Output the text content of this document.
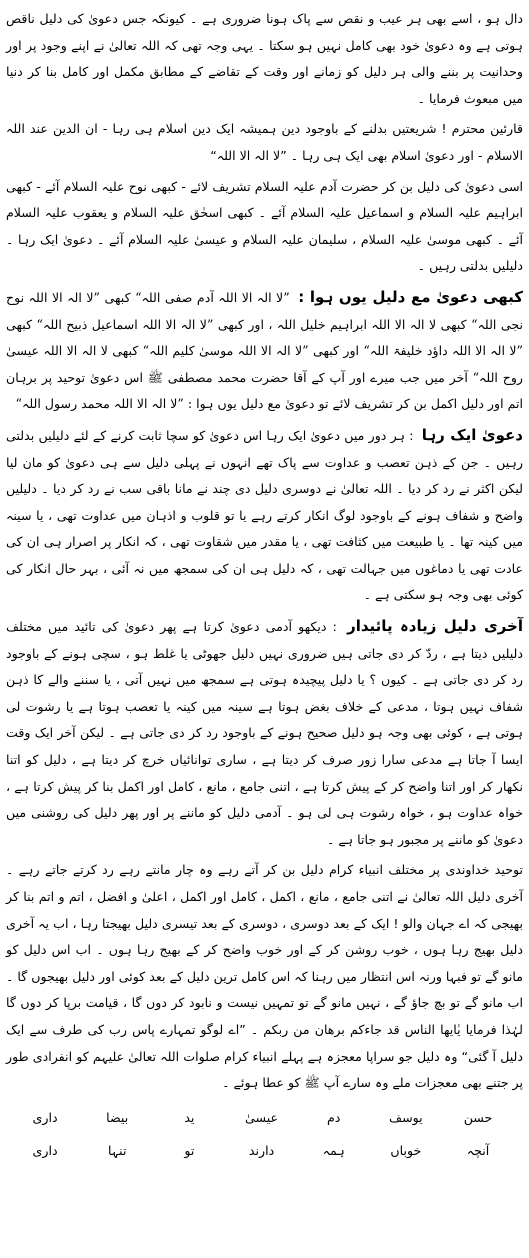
دال ہو ، اسے بھی ہر عیب و نقص سے پاک ہونا ضروری ہے ۔ کیونکہ جس دعویٰ کی دلیل ناقص ہوتی ہے وہ دعویٰ خود بھی کامل نہیں ہو سکتا ۔ یہی وجہ تھی کہ اللہ تعالیٰ نے اپنے وجود پر اور وحدانیت پر بننے والی ہر دلیل کو زمانے اور وقت کے تقاضے کے مطابق مکمل اور کامل بنا کر دنیا میں مبعوث فرمایا ۔

قارئین محترم ! شریعتیں بدلنے کے باوجود دین ہمیشہ ایک دین اسلام ہی رہا - ان الدین عند اللہ الاسلام - اور دعویٰ اسلام بھی ایک ہی رہا ۔ ”لا الہ الا اللہ“

اسی دعویٰ کی دلیل بن کر حضرت آدم علیہ السلام تشریف لائے - کبھی نوح علیہ السلام آئے - کبھی ابراہیم علیہ السلام و اسماعیل علیہ السلام آئے ۔ کبھی اسحٰق علیہ السلام و یعقوب علیہ السلام آئے ۔ کبھی موسیٰ علیہ السلام ، سلیمان علیہ السلام و عیسیٰ علیہ السلام آئے ۔ دعویٰ ایک رہا ۔ دلیلیں بدلتی رہیں ۔

کبھی دعویٰ مع دلیل یوں ہوا : ”لا الہ الا اللہ آدم صفی اللہ“ کبھی ”لا الہ الا اللہ نوح نجی اللہ“ کبھی لا الہ الا اللہ ابراہیم خلیل اللہ ، اور کبھی ”لا الہ الا اللہ اسماعیل ذبیح اللہ“ کبھی ”لا الہ الا اللہ داؤد خلیفۃ اللہ“ اور کبھی ”لا الہ الا اللہ موسیٰ کلیم اللہ“ کبھی لا الہ الا اللہ عیسیٰ روح اللہ“ آخر میں جب میرے اور آپ کے آقا حضرت محمد مصطفی ﷺ اس دعویٰ توحید پر برہان اتم اور دلیل اکمل بن کر تشریف لائے تو دعویٰ مع دلیل یوں ہوا : ”لا الہ الا اللہ محمد رسول اللہ“

دعویٰ ایک رہا : ہر دور میں دعویٰ ایک رہا اس دعویٰ کو سچا ثابت کرنے کے لئے دلیلیں بدلتی رہیں ۔ جن کے ذہن تعصب و عداوت سے پاک تھے انہوں نے پہلی دلیل سے ہی دعویٰ کو مان لیا لیکن اکثر نے رد کر دیا ۔ اللہ تعالیٰ نے دوسری دلیل دی چند نے مانا باقی سب نے رد کر دیا ۔ دلیلیں واضح و شفاف ہونے کے باوجود لوگ انکار کرتے رہے یا تو قلوب و اذہان میں عداوت تھی ، یا سینہ میں کینہ تھا ۔ یا طبیعت میں کثافت تھی ، یا مقدر میں شقاوت تھی ، کہ انکار پر اصرار ہی ان کی عادت تھی یا دماغوں میں جہالت تھی ، کہ دلیل ہی ان کی سمجھ میں نہ آئی ، بہر حال انکار کی کوئی بھی وجہ ہو سکتی ہے ۔

آخری دلیل زیادہ پائیدار : دیکھو آدمی دعویٰ کرتا ہے پھر دعویٰ کی تائید میں مختلف دلیلیں دیتا ہے ، ردّ کر دی جاتی ہیں ضروری نہیں دلیل جھوٹی یا غلط ہو ، سچی ہونے کے باوجود رد کر دی جاتی ہے ۔ کیوں ؟ یا دلیل پیچیدہ ہوتی ہے سمجھ میں نہیں آتی ، یا سننے والے کا ذہن شفاف نہیں ہوتا ، مدعی کے خلاف بغض ہوتا ہے سینہ میں کینہ یا تعصب ہوتا ہے یا رشوت لی ہوتی ہے ، کوئی بھی وجہ ہو دلیل صحیح ہونے کے باوجود رد کر دی جاتی ہے ۔ لیکن آخر ایک وقت ایسا آ جاتا ہے مدعی سارا زور صرف کر دیتا ہے ، ساری توانائیاں خرچ کر دیتا ہے ، دلیل کو اتنا نکھار کر اور اتنا واضح کر کے پیش کرتا ہے ، اتنی جامع ، مانع ، کامل اور اکمل بنا کر پیش کرتا ہے ، خواہ عداوت ہو ، خواہ رشوت ہی لی ہو ۔ آدمی دلیل کو ماننے پر اور پھر دلیل کی روشنی میں دعویٰ کو ماننے پر مجبور ہو جاتا ہے ۔

توحید خداوندی پر مختلف انبیاء کرام دلیل بن کر آتے رہے وہ چار مانتے رہے رد کرتے جاتے رہے ۔ آخری دلیل اللہ تعالیٰ نے اتنی جامع ، مانع ، اکمل ، کامل اور اکمل ، اعلیٰ و افضل ، اتم و اتم بنا کر بھیجی کہ اے جہان والو ! ایک کے بعد دوسری ، دوسری کے بعد تیسری دلیل بھیجتا رہا ، اب یہ آخری دلیل بھیج رہا ہوں ، خوب روشن کر کے اور خوب واضح کر کے بھیج رہا ہوں ۔ اب اس دلیل کو مانو گے تو فبہا ورنہ اس انتظار میں رہنا کہ اس کامل ترین دلیل کے بعد کوئی اور دلیل بھیجوں گا ۔ اب مانو گے تو بچ جاؤ گے ، نہیں مانو گے تو تمہیں نیست و نابود کر دوں گا ، قیامت برپا کر دوں گا لہٰذا فرمایا یٰایھا الناس قد جاءکم برھان من ربکم ۔ ”اے لوگو تمہارے پاس رب کی طرف سے ایک دلیل آ گئی“ وہ دلیل جو سراپا معجزہ ہے پہلے انبیاء کرام صلوات اللہ تعالیٰ علیہم کو انفرادی طور پر جتنے بھی معجزات ملے وہ سارے آپ ﷺ کو عطا ہوئے ۔

حسن
یوسف
دم
عیسیٰ
ید
بیضا
داری
آنچہ
خوباں
ہمہ
دارند
تو
تنہا
داری
